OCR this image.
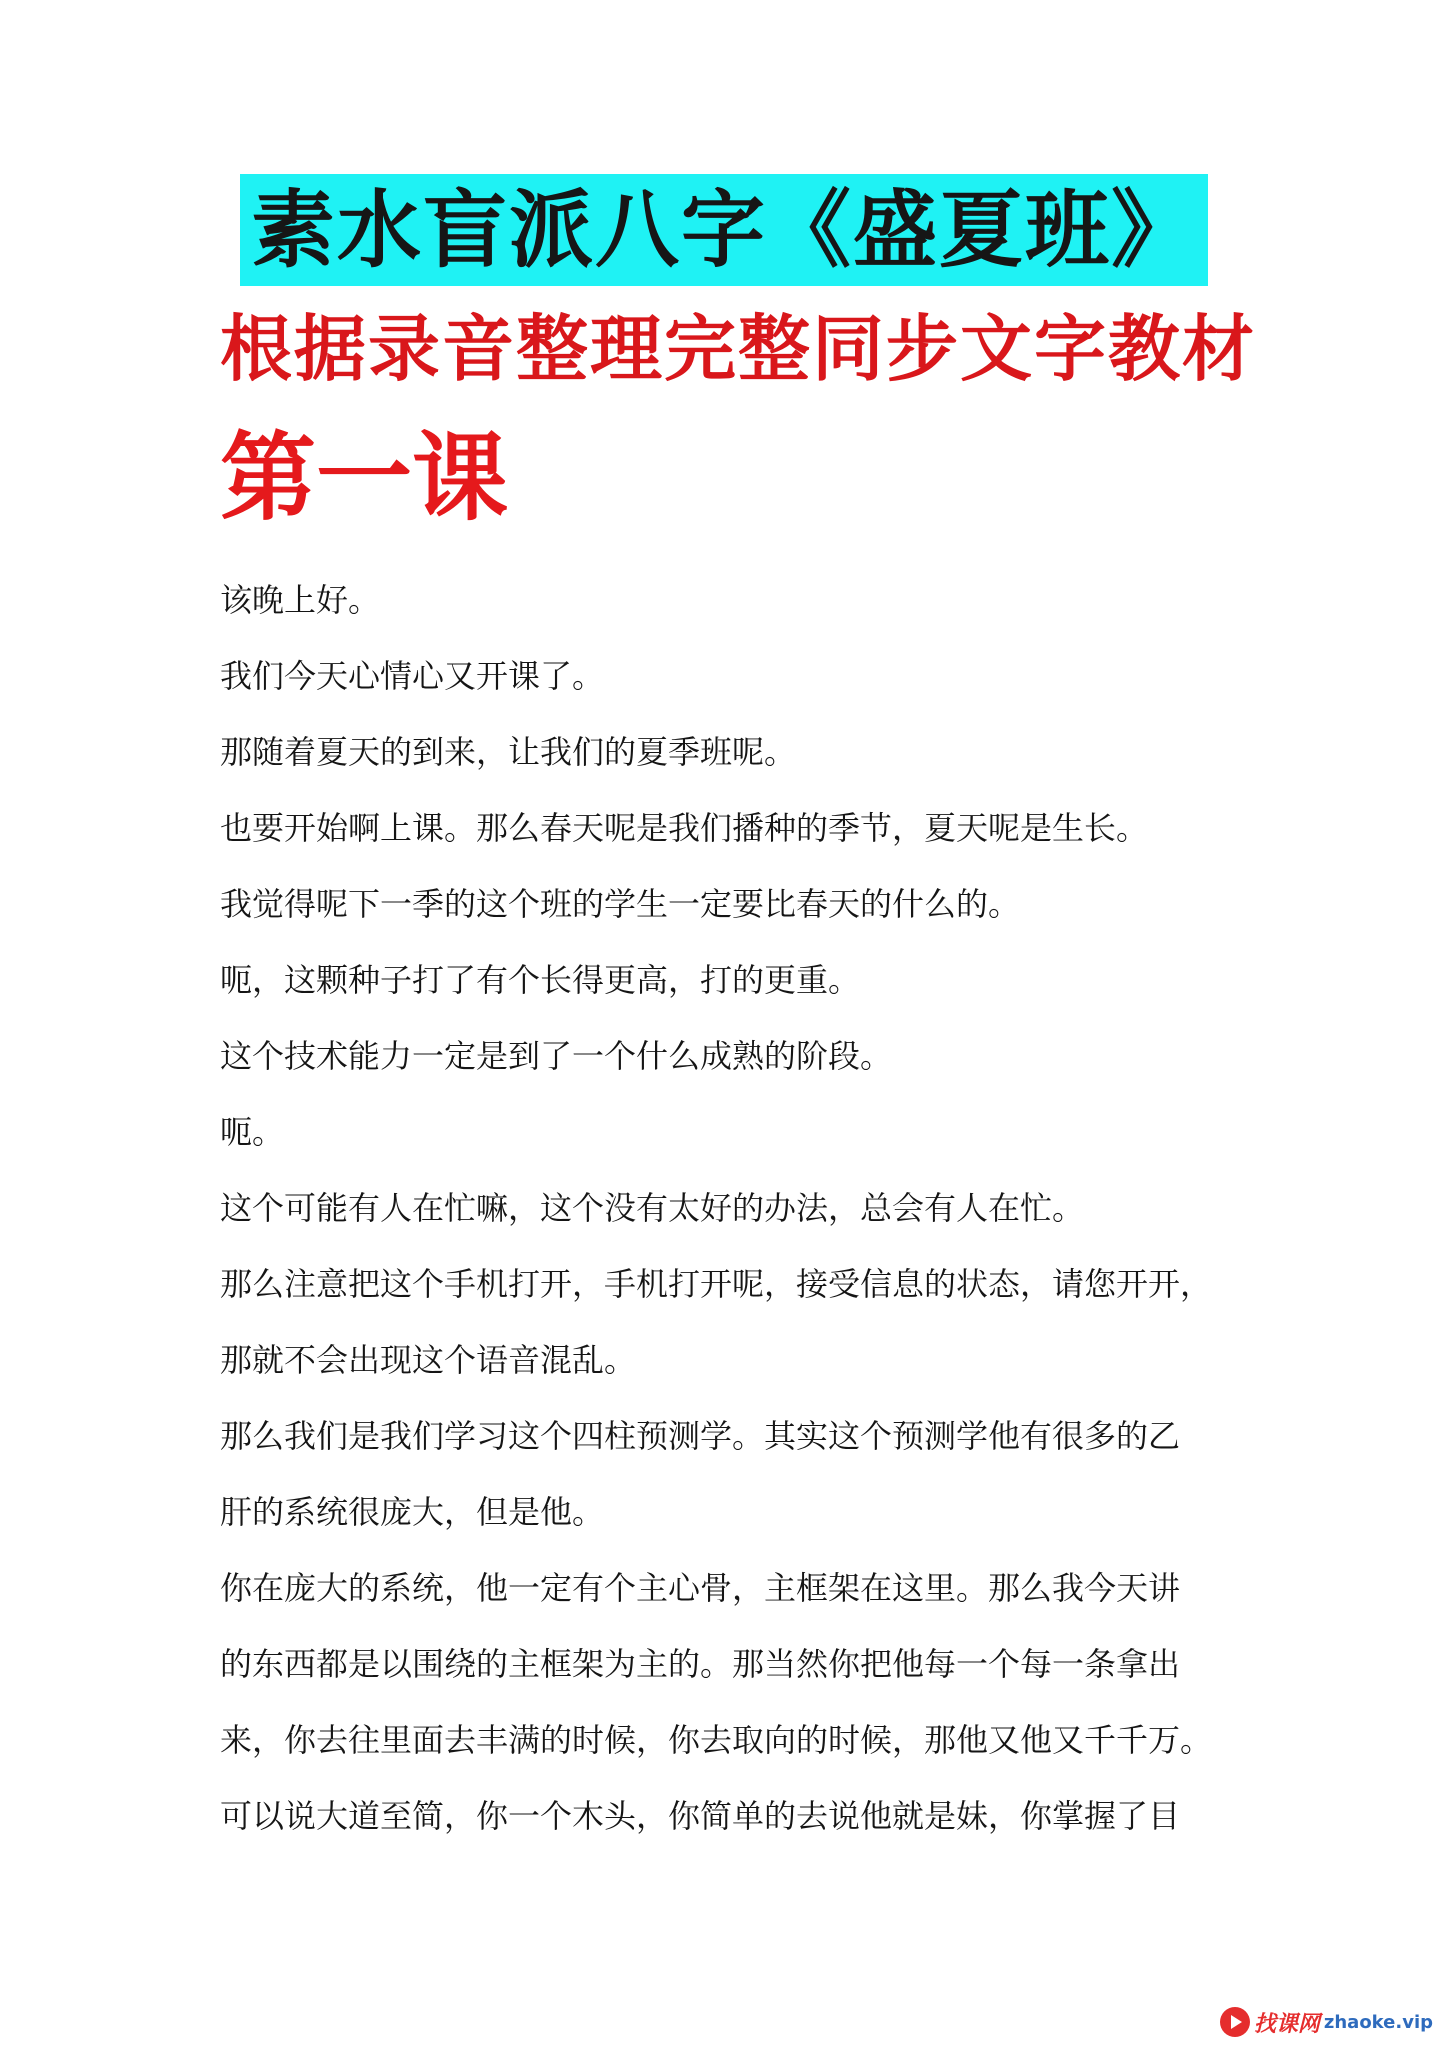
素水盲派八字《盛夏班》
根据录音整理完整同步文字教材
第一课

该晚上好。

我们今天心情心又开课了。

那随着夏天的到来，让我们的夏季班呢。

也要开始啊上课。那么春天呢是我们播种的季节，夏天呢是生长。

我觉得呢下一季的这个班的学生一定要比春天的什么的。

呃，这颗种子打了有个长得更高，打的更重。

这个技术能力一定是到了一个什么成熟的阶段。

呃。

这个可能有人在忙嘛，这个没有太好的办法，总会有人在忙。

那么注意把这个手机打开，手机打开呢，接受信息的状态，请您开开，

那就不会出现这个语音混乱。

那么我们是我们学习这个四柱预测学。其实这个预测学他有很多的乙

肝的系统很庞大，但是他。

你在庞大的系统，他一定有个主心骨，主框架在这里。那么我今天讲

的东西都是以围绕的主框架为主的。那当然你把他每一个每一条拿出

来，你去往里面去丰满的时候，你去取向的时候，那他又他又千千万。

可以说大道至简，你一个木头，你简单的去说他就是妹，你掌握了目

找课网 zhaoke.vip
